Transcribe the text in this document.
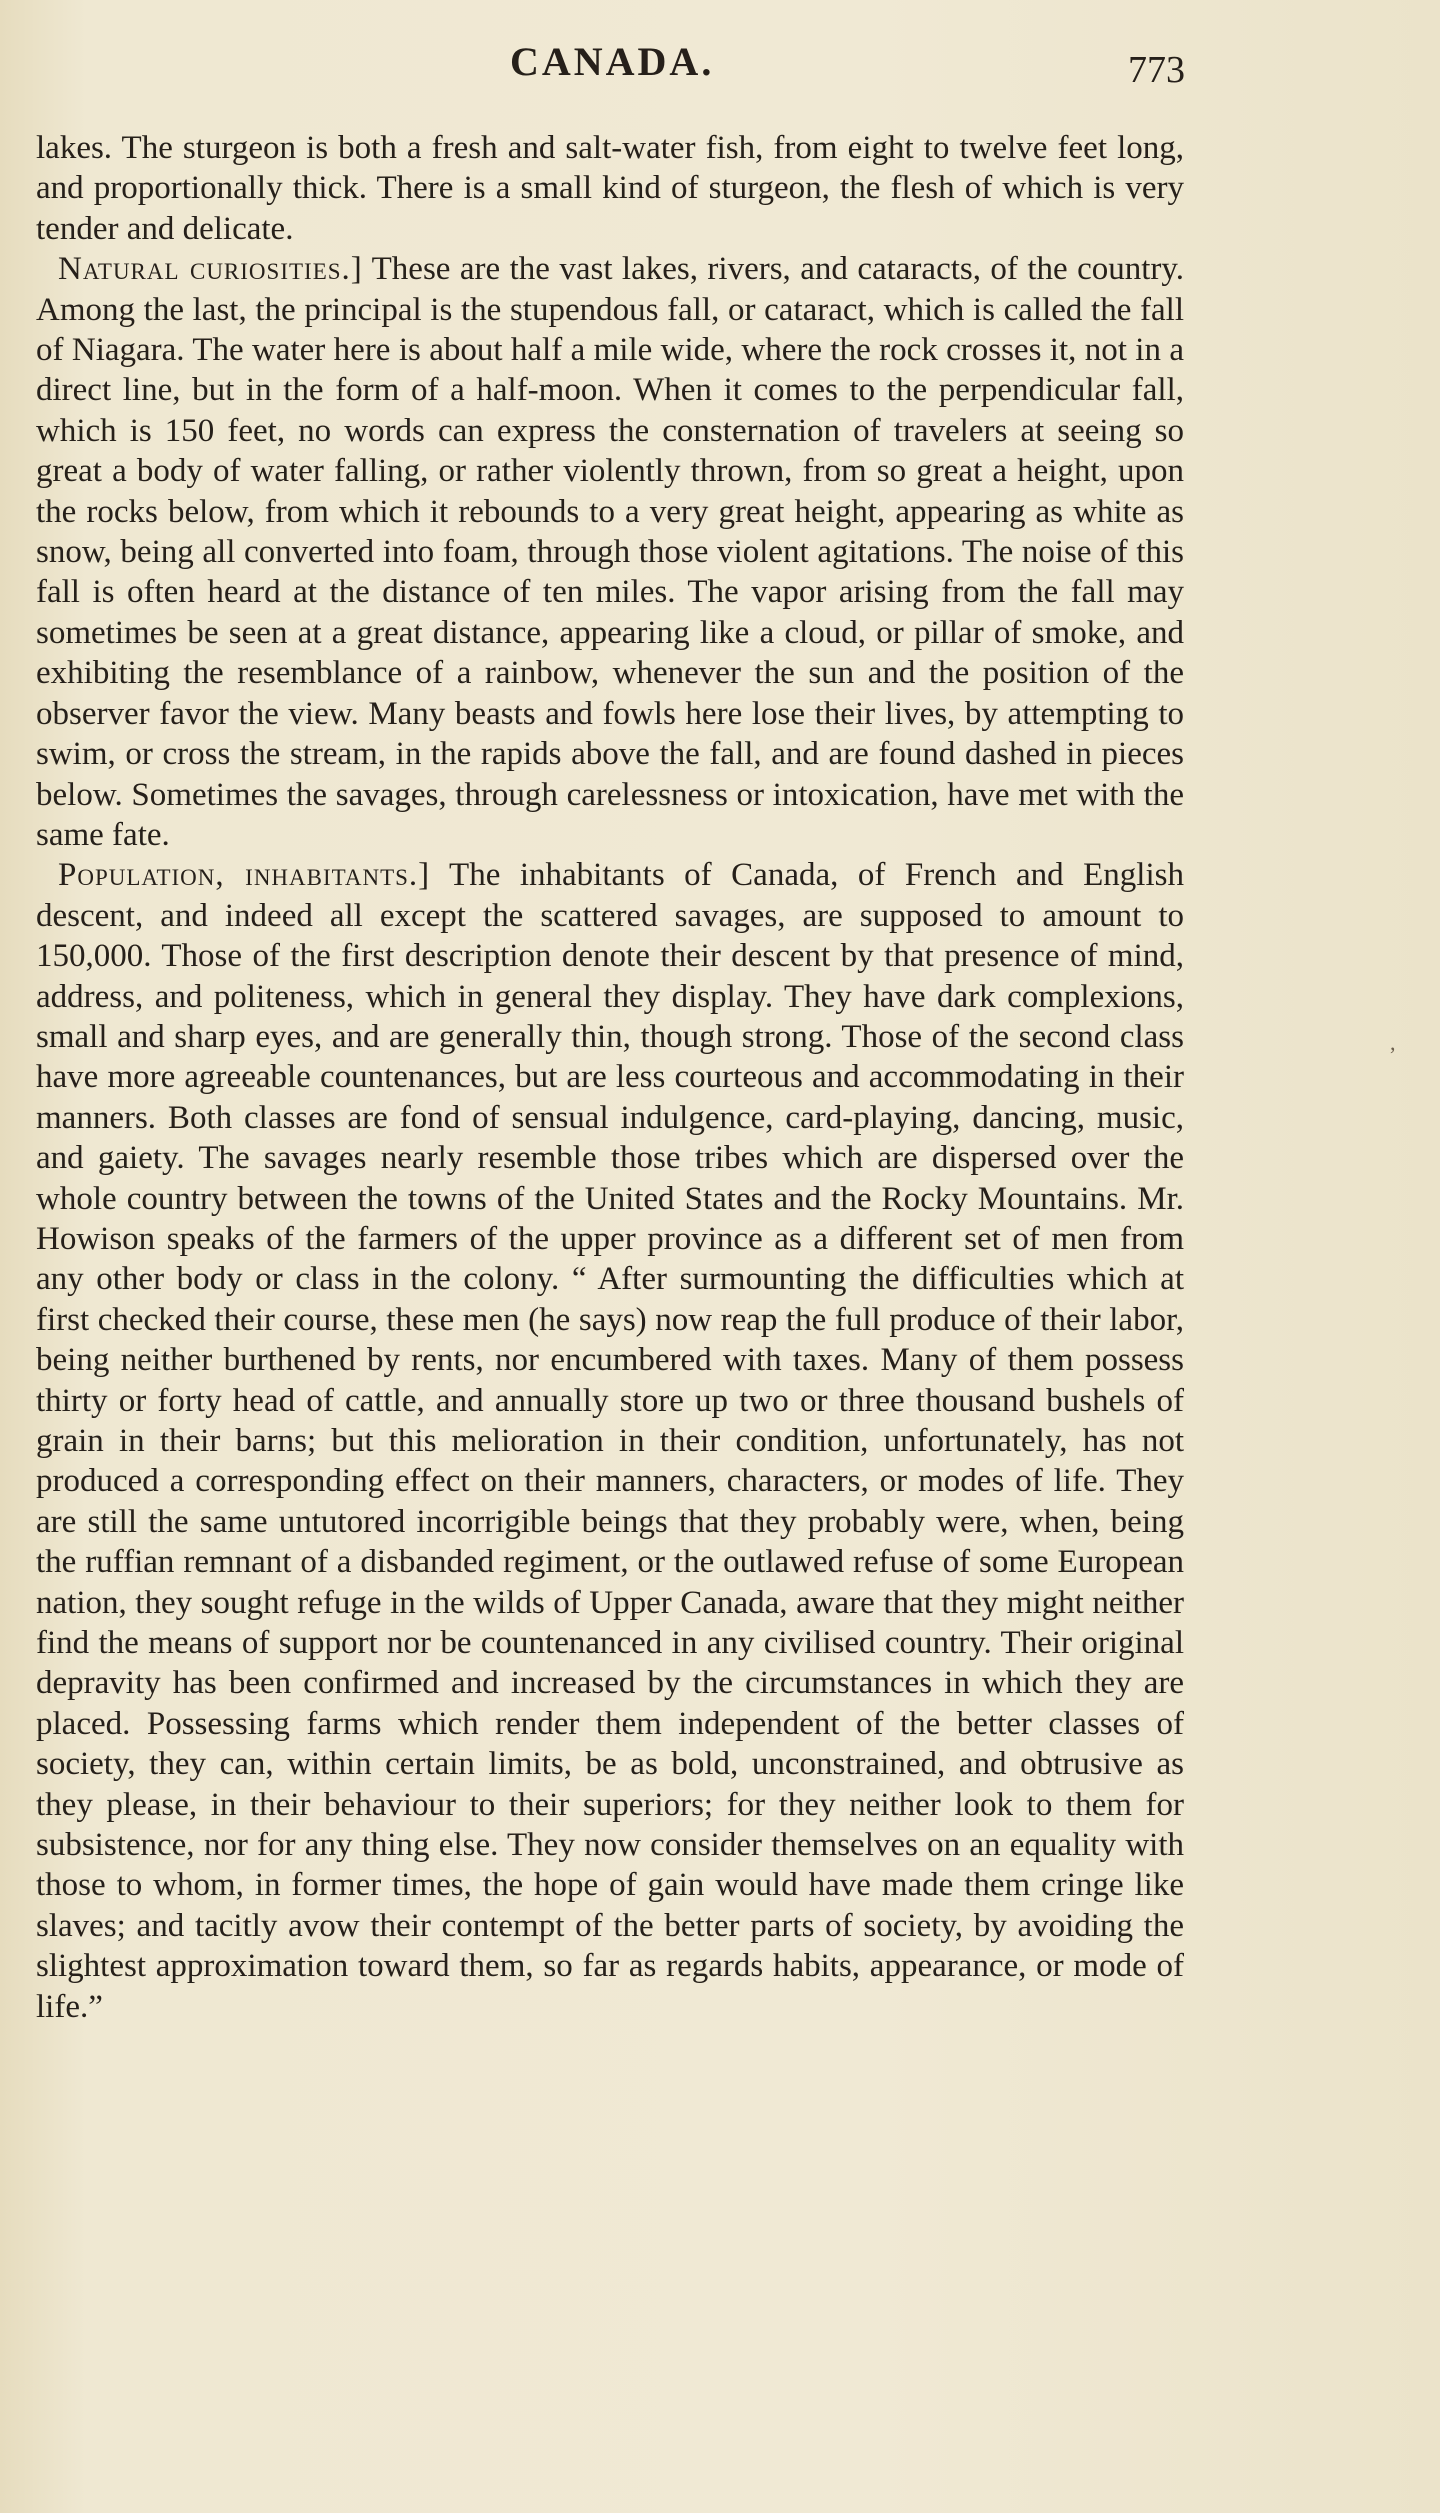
CANADA.	773

lakes. The sturgeon is both a fresh and salt-water fish, from eight to twelve feet long, and proportionally thick. There is a small kind of sturgeon, the flesh of which is very tender and delicate.

Natural curiosities.] These are the vast lakes, rivers, and cataracts, of the country. Among the last, the principal is the stupendous fall, or cataract, which is called the fall of Niagara. The water here is about half a mile wide, where the rock crosses it, not in a direct line, but in the form of a half-moon. When it comes to the perpendicular fall, which is 150 feet, no words can express the consternation of travelers at seeing so great a body of water falling, or rather violently thrown, from so great a height, upon the rocks below, from which it rebounds to a very great height, appearing as white as snow, being all converted into foam, through those violent agitations. The noise of this fall is often heard at the distance of ten miles. The vapor arising from the fall may sometimes be seen at a great distance, appearing like a cloud, or pillar of smoke, and exhibiting the resemblance of a rainbow, whenever the sun and the position of the observer favor the view. Many beasts and fowls here lose their lives, by attempting to swim, or cross the stream, in the rapids above the fall, and are found dashed in pieces below. Sometimes the savages, through carelessness or intoxication, have met with the same fate.

Population, inhabitants.] The inhabitants of Canada, of French and English descent, and indeed all except the scattered savages, are supposed to amount to 150,000. Those of the first description denote their descent by that presence of mind, address, and politeness, which in general they display. They have dark complexions, small and sharp eyes, and are generally thin, though strong. Those of the second class have more agreeable countenances, but are less courteous and accommodating in their manners. Both classes are fond of sensual indulgence, card-playing, dancing, music, and gaiety. The savages nearly resemble those tribes which are dispersed over the whole country between the towns of the United States and the Rocky Mountains. Mr. Howison speaks of the farmers of the upper province as a different set of men from any other body or class in the colony. “ After surmounting the difficulties which at first checked their course, these men (he says) now reap the full produce of their labor, being neither burthened by rents, nor encumbered with taxes. Many of them possess thirty or forty head of cattle, and annually store up two or three thousand bushels of grain in their barns; but this melioration in their condition, unfortunately, has not produced a corresponding effect on their manners, characters, or modes of life. They are still the same untutored incorrigible beings that they probably were, when, being the ruffian remnant of a disbanded regiment, or the outlawed refuse of some European nation, they sought refuge in the wilds of Upper Canada, aware that they might neither find the means of support nor be countenanced in any civilised country. Their original depravity has been confirmed and increased by the circumstances in which they are placed. Possessing farms which render them independent of the better classes of society, they can, within certain limits, be as bold, unconstrained, and obtrusive as they please, in their behaviour to their superiors; for they neither look to them for subsistence, nor for any thing else. They now consider themselves on an equality with those to whom, in former times, the hope of gain would have made them cringe like slaves; and tacitly avow their contempt of the better parts of society, by avoiding the slightest approximation toward them, so far as regards habits, appearance, or mode of life.”

,
